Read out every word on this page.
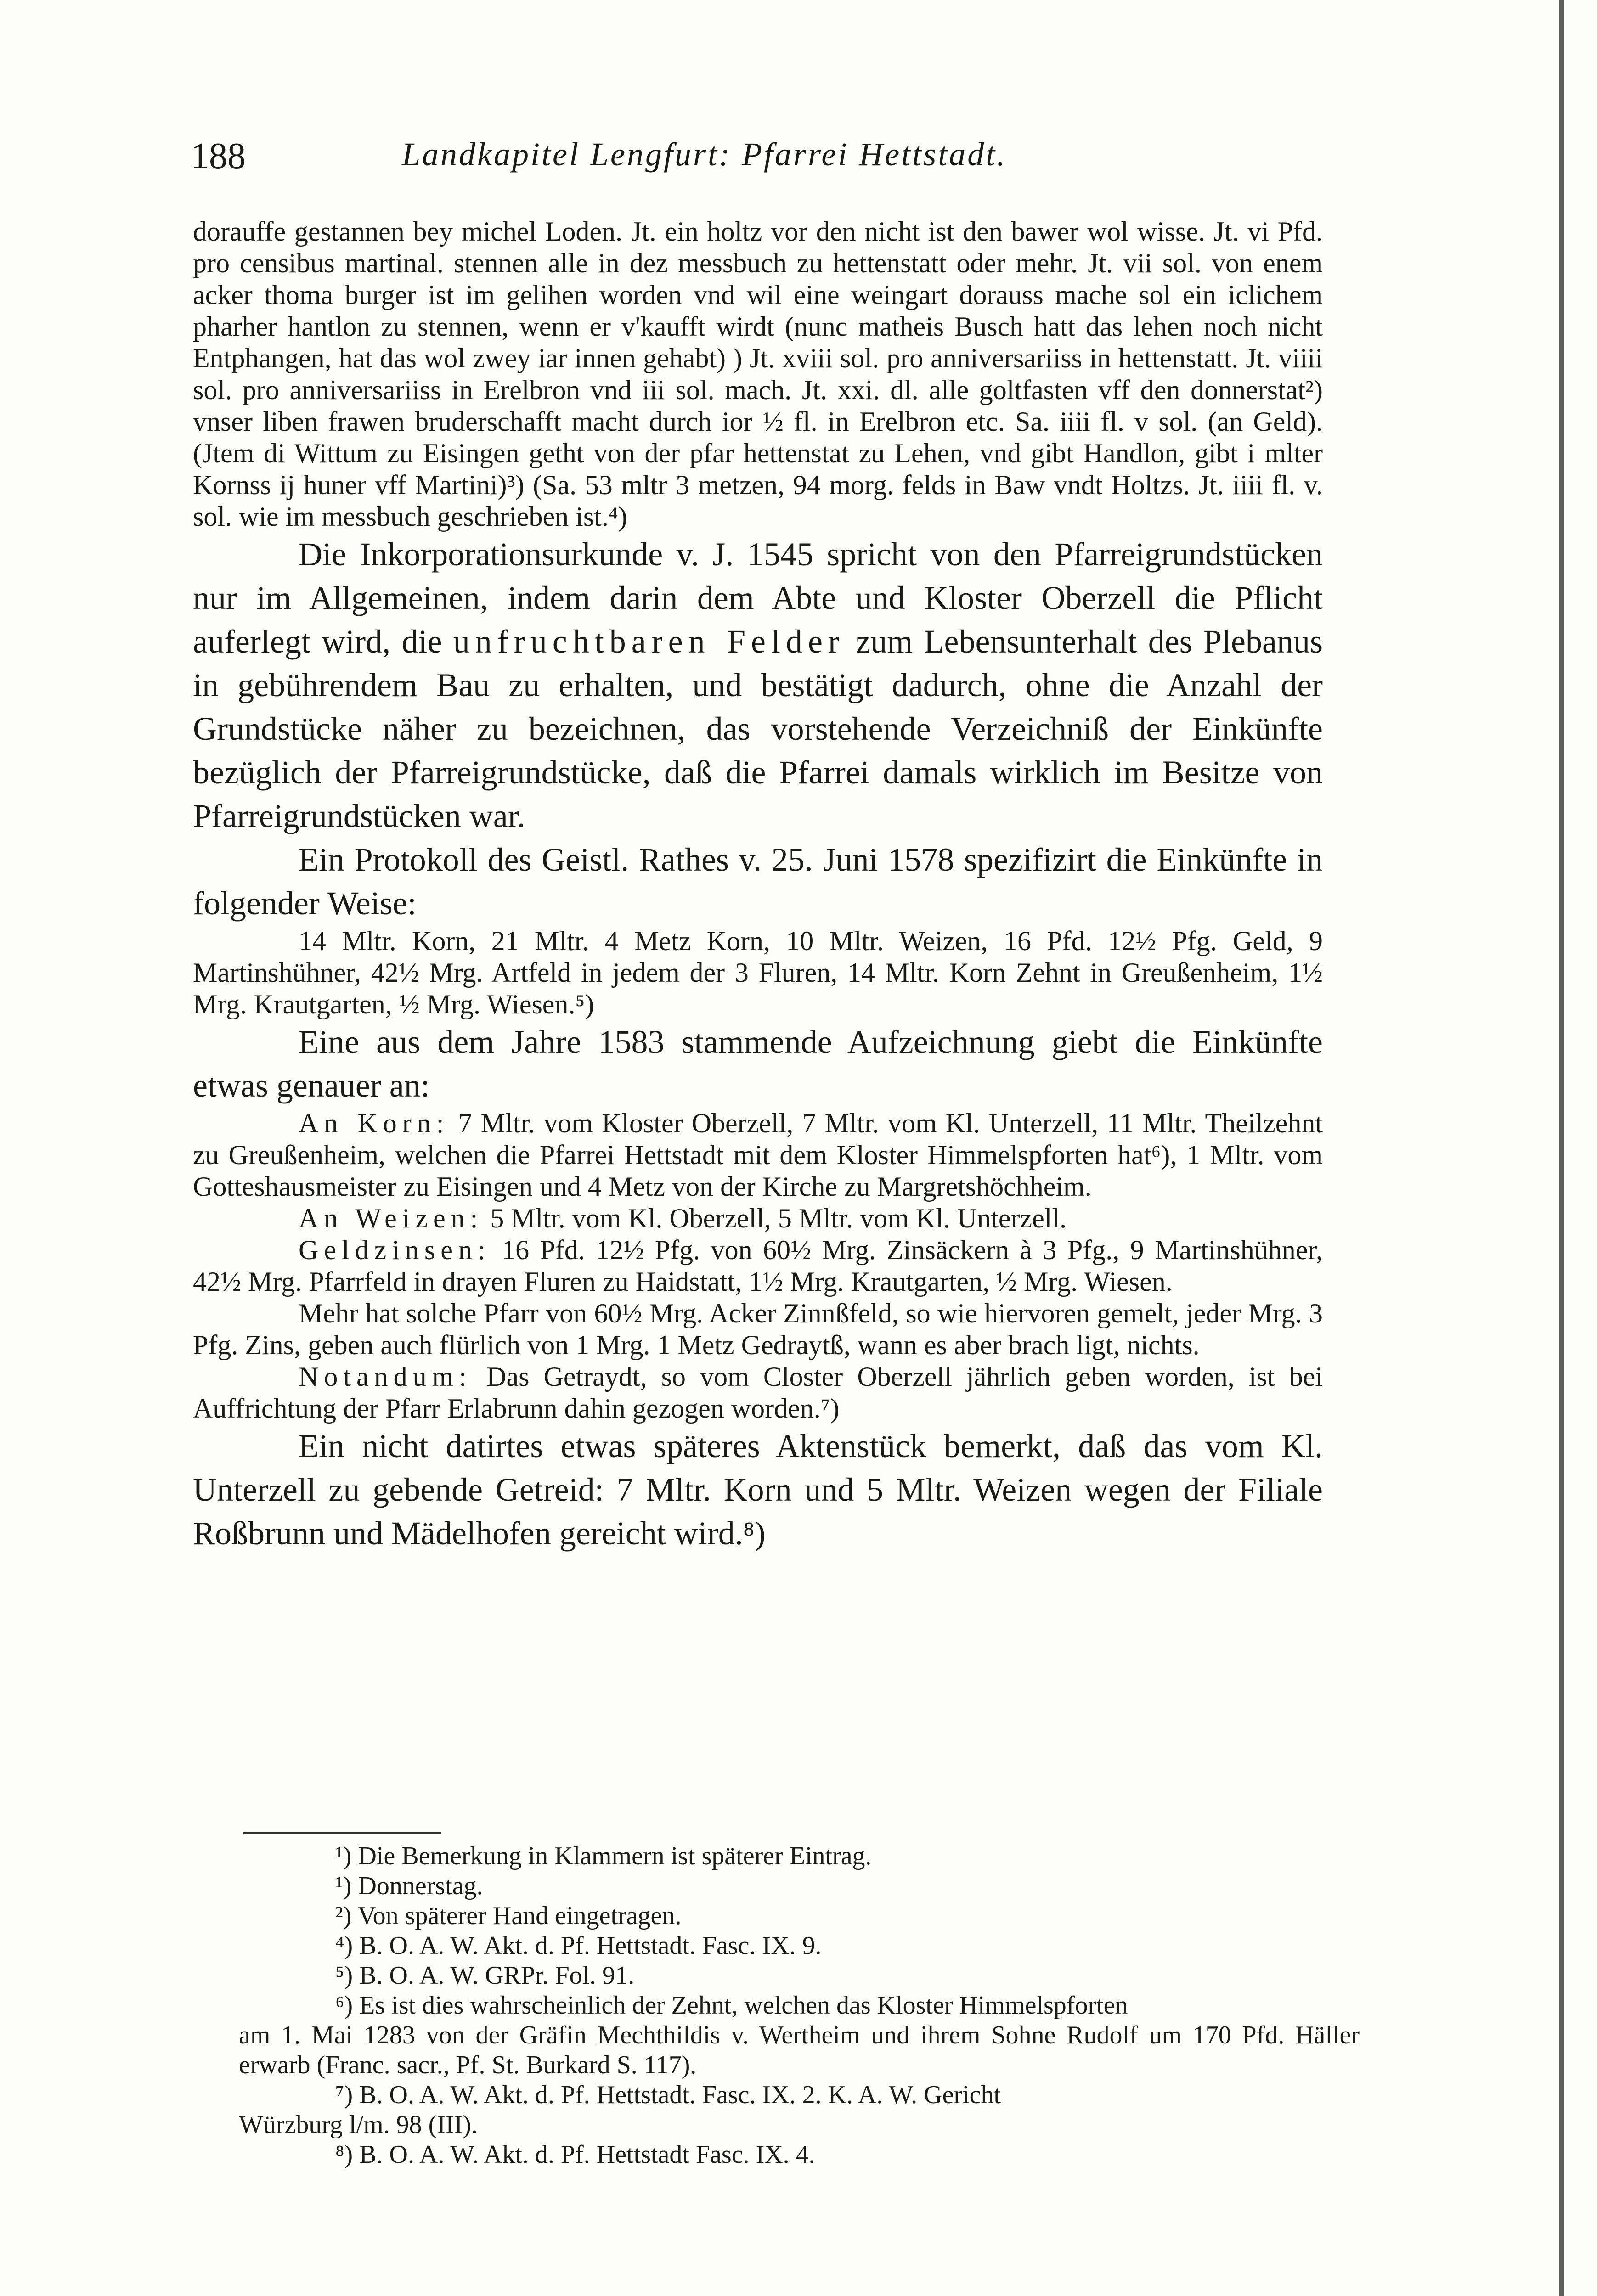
188	Landkapitel Lengfurt: Pfarrei Hettstadt.

dorauffe gestannen bey michel Loden. Jt. ein holtz vor den nicht ist den bawer wol wisse. Jt. vi Pfd. pro censibus martinal. stennen alle in dez messbuch zu hettenstatt oder mehr. Jt. vii sol. von enem acker thoma burger ist im gelihen worden vnd wil eine weingart dorauss mache sol ein iclichem pharher hantlon zu stennen, wenn er v'kaufft wirdt (nunc matheis Busch hatt das lehen noch nicht Entphangen, hat das wol zwey iar innen gehabt) ) Jt. xviii sol. pro anniversariiss in hettenstatt. Jt. viiii sol. pro anniversariiss in Erelbron vnd iii sol. mach. Jt. xxi. dl. alle goltfasten vff den donnerstat²) vnser liben frawen bruderschafft macht durch ior ½ fl. in Erelbron etc. Sa. iiii fl. v sol. (an Geld). (Jtem di Wittum zu Eisingen getht von der pfar hettenstat zu Lehen, vnd gibt Handlon, gibt i mlter Kornss ij huner vff Martini)³) (Sa. 53 mltr 3 metzen, 94 morg. felds in Baw vndt Holtzs. Jt. iiii fl. v. sol. wie im messbuch geschrieben ist.⁴)

Die Inkorporationsurkunde v. J. 1545 spricht von den Pfarreigrundstücken nur im Allgemeinen, indem darin dem Abte und Kloster Oberzell die Pflicht auferlegt wird, die unfruchtbaren Felder zum Lebensunterhalt des Plebanus in gebührendem Bau zu erhalten, und bestätigt dadurch, ohne die Anzahl der Grundstücke näher zu bezeichnen, das vorstehende Verzeichniß der Einkünfte bezüglich der Pfarreigrundstücke, daß die Pfarrei damals wirklich im Besitze von Pfarreigrundstücken war.

Ein Protokoll des Geistl. Rathes v. 25. Juni 1578 spezifizirt die Einkünfte in folgender Weise:

14 Mltr. Korn, 21 Mltr. 4 Metz Korn, 10 Mltr. Weizen, 16 Pfd. 12½ Pfg. Geld, 9 Martinshühner, 42½ Mrg. Artfeld in jedem der 3 Fluren, 14 Mltr. Korn Zehnt in Greußenheim, 1½ Mrg. Krautgarten, ½ Mrg. Wiesen.⁵)

Eine aus dem Jahre 1583 stammende Aufzeichnung giebt die Einkünfte etwas genauer an:

An Korn: 7 Mltr. vom Kloster Oberzell, 7 Mltr. vom Kl. Unterzell, 11 Mltr. Theilzehnt zu Greußenheim, welchen die Pfarrei Hettstadt mit dem Kloster Himmelspforten hat⁶), 1 Mltr. vom Gotteshausmeister zu Eisingen und 4 Metz von der Kirche zu Margretshöchheim.

An Weizen: 5 Mltr. vom Kl. Oberzell, 5 Mltr. vom Kl. Unterzell.

Geldzinsen: 16 Pfd. 12½ Pfg. von 60½ Mrg. Zinsäckern à 3 Pfg., 9 Martinshühner, 42½ Mrg. Pfarrfeld in drayen Fluren zu Haidstatt, 1½ Mrg. Krautgarten, ½ Mrg. Wiesen.

Mehr hat solche Pfarr von 60½ Mrg. Acker Zinnßfeld, so wie hiervoren gemelt, jeder Mrg. 3 Pfg. Zins, geben auch flürlich von 1 Mrg. 1 Metz Gedraytß, wann es aber brach ligt, nichts.

Notandum: Das Getraydt, so vom Closter Oberzell jährlich geben worden, ist bei Auffrichtung der Pfarr Erlabrunn dahin gezogen worden.⁷)

Ein nicht datirtes etwas späteres Aktenstück bemerkt, daß das vom Kl. Unterzell zu gebende Getreid: 7 Mltr. Korn und 5 Mltr. Weizen wegen der Filiale Roßbrunn und Mädelhofen gereicht wird.⁸)

¹) Die Bemerkung in Klammern ist späterer Eintrag.

¹) Donnerstag.

²) Von späterer Hand eingetragen.

⁴) B. O. A. W. Akt. d. Pf. Hettstadt. Fasc. IX. 9.

⁵) B. O. A. W. GRPr. Fol. 91.

⁶) Es ist dies wahrscheinlich der Zehnt, welchen das Kloster Himmelspforten

am 1. Mai 1283 von der Gräfin Mechthildis v. Wertheim und ihrem Sohne Rudolf um 170 Pfd. Häller erwarb (Franc. sacr., Pf. St. Burkard S. 117).

⁷) B. O. A. W. Akt. d. Pf. Hettstadt. Fasc. IX. 2. K. A. W. Gericht

Würzburg l/m. 98 (III).

⁸) B. O. A. W. Akt. d. Pf. Hettstadt Fasc. IX. 4.
